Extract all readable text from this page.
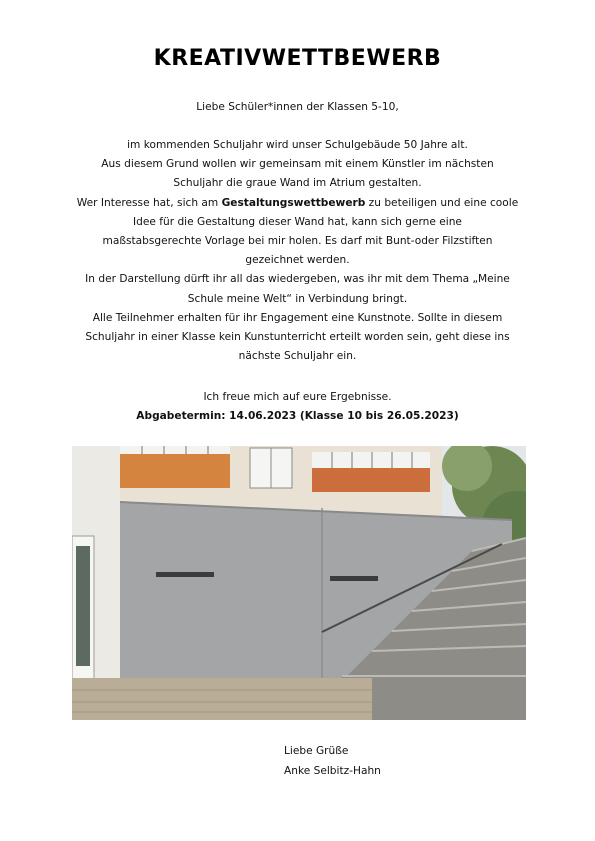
KREATIVWETTBEWERB
Liebe Schüler*innen der Klassen 5-10,
im kommenden Schuljahr wird unser Schulgebäude 50 Jahre alt.
Aus diesem Grund wollen wir gemeinsam mit einem Künstler im nächsten
Schuljahr die graue Wand im Atrium gestalten.
Wer Interesse hat, sich am Gestaltungswettbewerb zu beteiligen und eine coole
Idee für die Gestaltung dieser Wand hat, kann sich gerne eine
maßstabsgerechte Vorlage bei mir holen. Es darf mit Bunt-oder Filzstiften
gezeichnet werden.
In der Darstellung dürft ihr all das wiedergeben, was ihr mit dem Thema „Meine
Schule meine Welt“ in Verbindung bringt.
Alle Teilnehmer erhalten für ihr Engagement eine Kunstnote. Sollte in diesem
Schuljahr in einer Klasse kein Kunstunterricht erteilt worden sein, geht diese ins
nächste Schuljahr ein.
Ich freue mich auf eure Ergebnisse.
Abgabetermin: 14.06.2023 (Klasse 10 bis 26.05.2023)
Liebe Grüße
Anke Selbitz-Hahn
